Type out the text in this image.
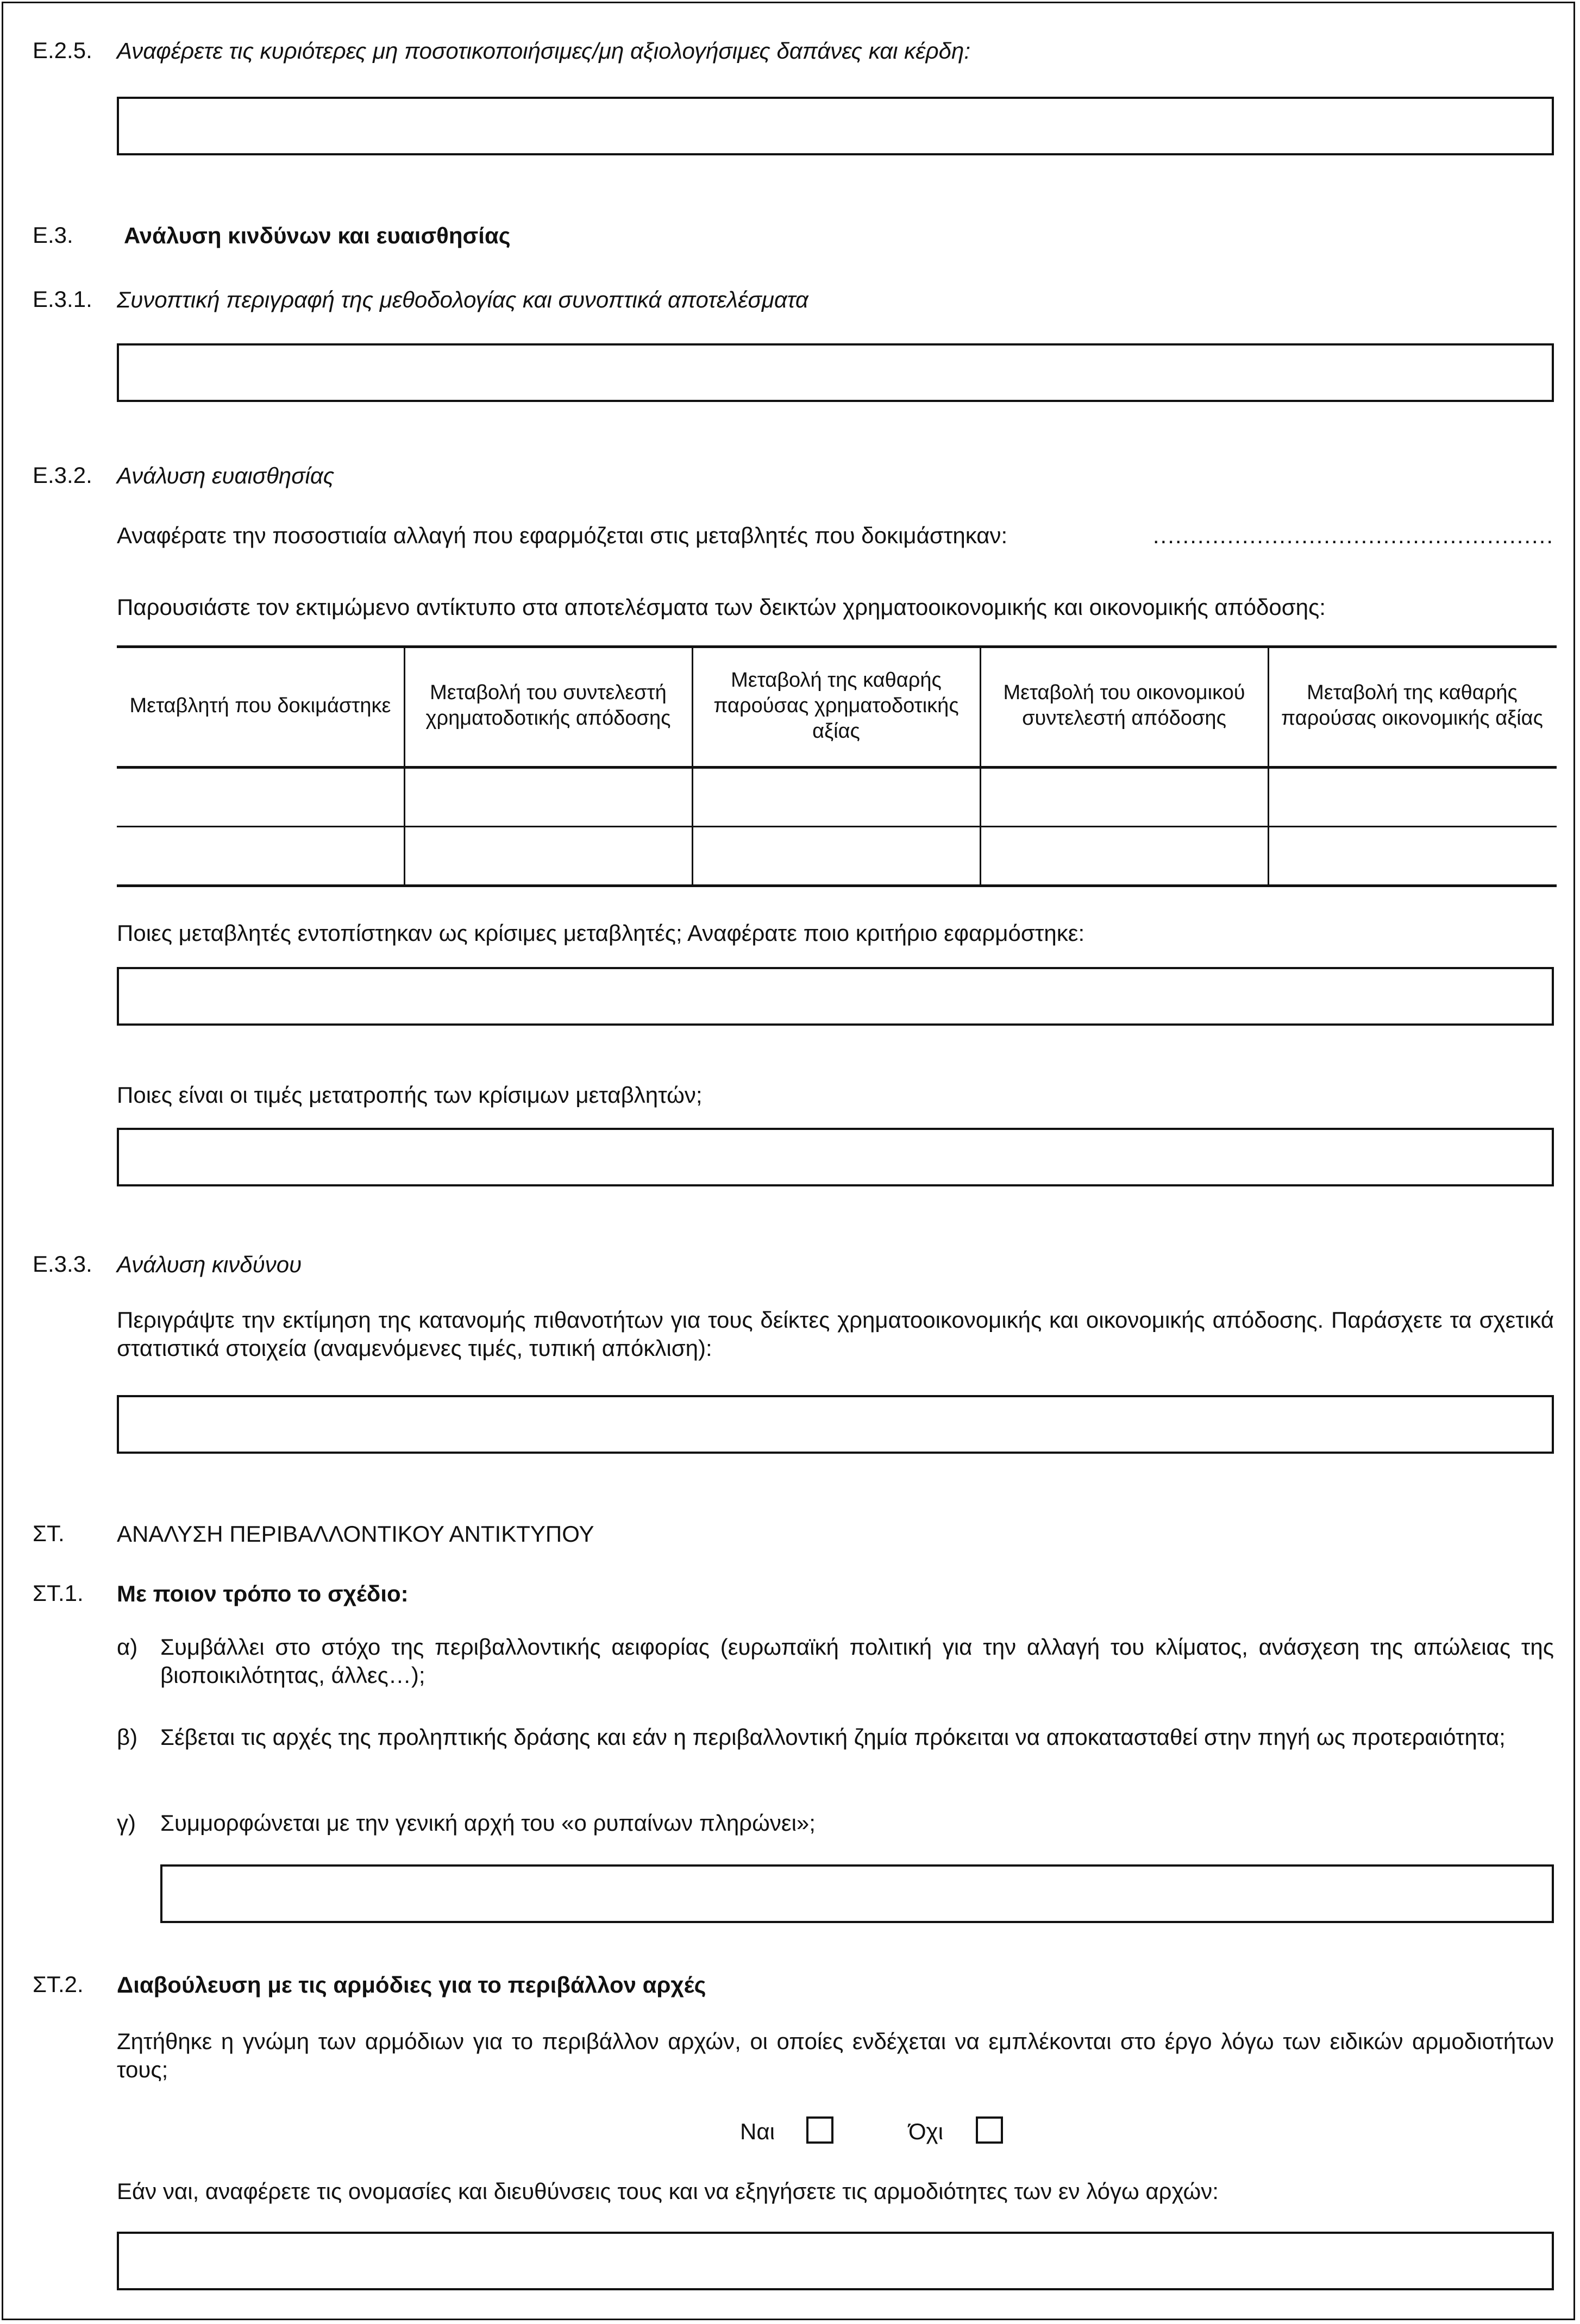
Ε.2.5. Αναφέρετε τις κυριότερες μη ποσοτικοποιήσιμες/μη αξιολογήσιμες δαπάνες και κέρδη:
Ε.3. Ανάλυση κινδύνων και ευαισθησίας
Ε.3.1. Συνοπτική περιγραφή της μεθοδολογίας και συνοπτικά αποτελέσματα
Ε.3.2. Ανάλυση ευαισθησίας
Αναφέρατε την ποσοστιαία αλλαγή που εφαρμόζεται στις μεταβλητές που δοκιμάστηκαν:	......................................................
Παρουσιάστε τον εκτιμώμενο αντίκτυπο στα αποτελέσματα των δεικτών χρηματοοικονομικής και οικονομικής απόδοσης:
Μεταβλητή που δοκιμάστηκε
Μεταβολή του συντελεστή χρηματοδοτικής απόδοσης
Μεταβολή της καθαρής παρούσας χρηματοδοτικής αξίας
Μεταβολή του οικονομικού συντελεστή απόδοσης
Μεταβολή της καθαρής παρούσας οικονομικής αξίας
Ποιες μεταβλητές εντοπίστηκαν ως κρίσιμες μεταβλητές; Αναφέρατε ποιο κριτήριο εφαρμόστηκε:
Ποιες είναι οι τιμές μετατροπής των κρίσιμων μεταβλητών;
Ε.3.3. Ανάλυση κινδύνου
Περιγράψτε την εκτίμηση της κατανομής πιθανοτήτων για τους δείκτες χρηματοοικονομικής και οικονομικής απόδοσης. Παράσχετε τα σχετικά στατιστικά στοιχεία (αναμενόμενες τιμές, τυπική απόκλιση):
ΣΤ. ΑΝΑΛΥΣΗ ΠΕΡΙΒΑΛΛΟΝΤΙΚΟΥ ΑΝΤΙΚΤΥΠΟΥ
ΣΤ.1. Με ποιον τρόπο το σχέδιο:
α) Συμβάλλει στο στόχο της περιβαλλοντικής αειφορίας (ευρωπαϊκή πολιτική για την αλλαγή του κλίματος, ανάσχεση της απώλειας της βιοποικιλότητας, άλλες…);
β) Σέβεται τις αρχές της προληπτικής δράσης και εάν η περιβαλλοντική ζημία πρόκειται να αποκατασταθεί στην πηγή ως προτεραιότητα;
γ) Συμμορφώνεται με την γενική αρχή του «ο ρυπαίνων πληρώνει»;
ΣΤ.2. Διαβούλευση με τις αρμόδιες για το περιβάλλον αρχές
Ζητήθηκε η γνώμη των αρμόδιων για το περιβάλλον αρχών, οι οποίες ενδέχεται να εμπλέκονται στο έργο λόγω των ειδικών αρμοδιοτήτων τους;
Ναι	Όχι
Εάν ναι, αναφέρετε τις ονομασίες και διευθύνσεις τους και να εξηγήσετε τις αρμοδιότητες των εν λόγω αρχών:
